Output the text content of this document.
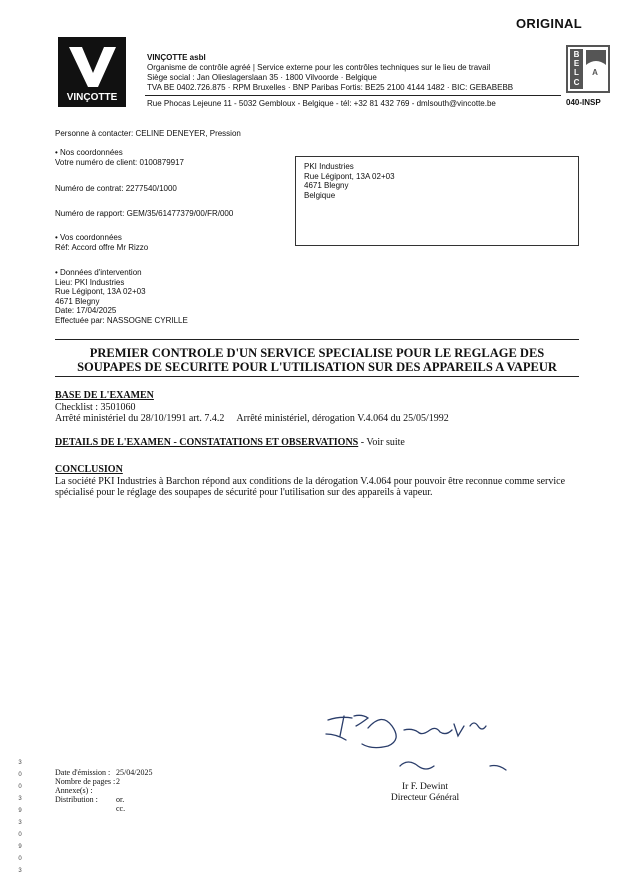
ORIGINAL
VINÇOTTE
VINÇOTTE asbl
Organisme de contrôle agréé | Service externe pour les contrôles techniques sur le lieu de travail
Siège social : Jan Olieslagerslaan 35 · 1800 Vilvoorde · Belgique
TVA BE 0402.726.875 · RPM Bruxelles · BNP Paribas Fortis: BE25 2100 4144 1482 · BIC: GEBABEBB
Rue Phocas Lejeune 11 - 5032 Gembloux - Belgique - tél: +32 81 432 769 - dmlsouth@vincotte.be
B
E
L A
C
040-INSP
Personne à contacter: CELINE DENEYER, Pression
• Nos coordonnées
Votre numéro de client: 0100879917
Numéro de contrat: 2277540/1000
Numéro de rapport: GEM/35/61477379/00/FR/000
• Vos coordonnées
Réf: Accord offre Mr Rizzo
• Données d'intervention
Lieu: PKI Industries
Rue Légipont, 13A 02+03
4671 Blegny
Date: 17/04/2025
Effectuée par: NASSOGNE CYRILLE
PKI Industries
Rue Légipont, 13A 02+03
4671 Blegny
Belgique
PREMIER CONTROLE D'UN SERVICE SPECIALISE POUR LE REGLAGE DES
SOUPAPES DE SECURITE POUR L'UTILISATION SUR DES APPAREILS A VAPEUR
BASE DE L'EXAMEN
Checklist : 3501060
Arrêté ministériel du 28/10/1991 art. 7.4.2     Arrêté ministériel, dérogation V.4.064 du 25/05/1992
DETAILS DE L'EXAMEN - CONSTATATIONS ET OBSERVATIONS - Voir suite
CONCLUSION
La société PKI Industries à Barchon répond aux conditions de la dérogation V.4.064 pour pouvoir être reconnue comme service spécialisé pour le réglage des soupapes de sécurité pour l'utilisation sur des appareils à vapeur.
Ir F. Dewint
Directeur Général
Date d'émission : 25/04/2025
Nombre de pages : 2
Annexe(s) :
Distribution :	or.
cc.
3
0
0
3
9
3
0
9
0
3
